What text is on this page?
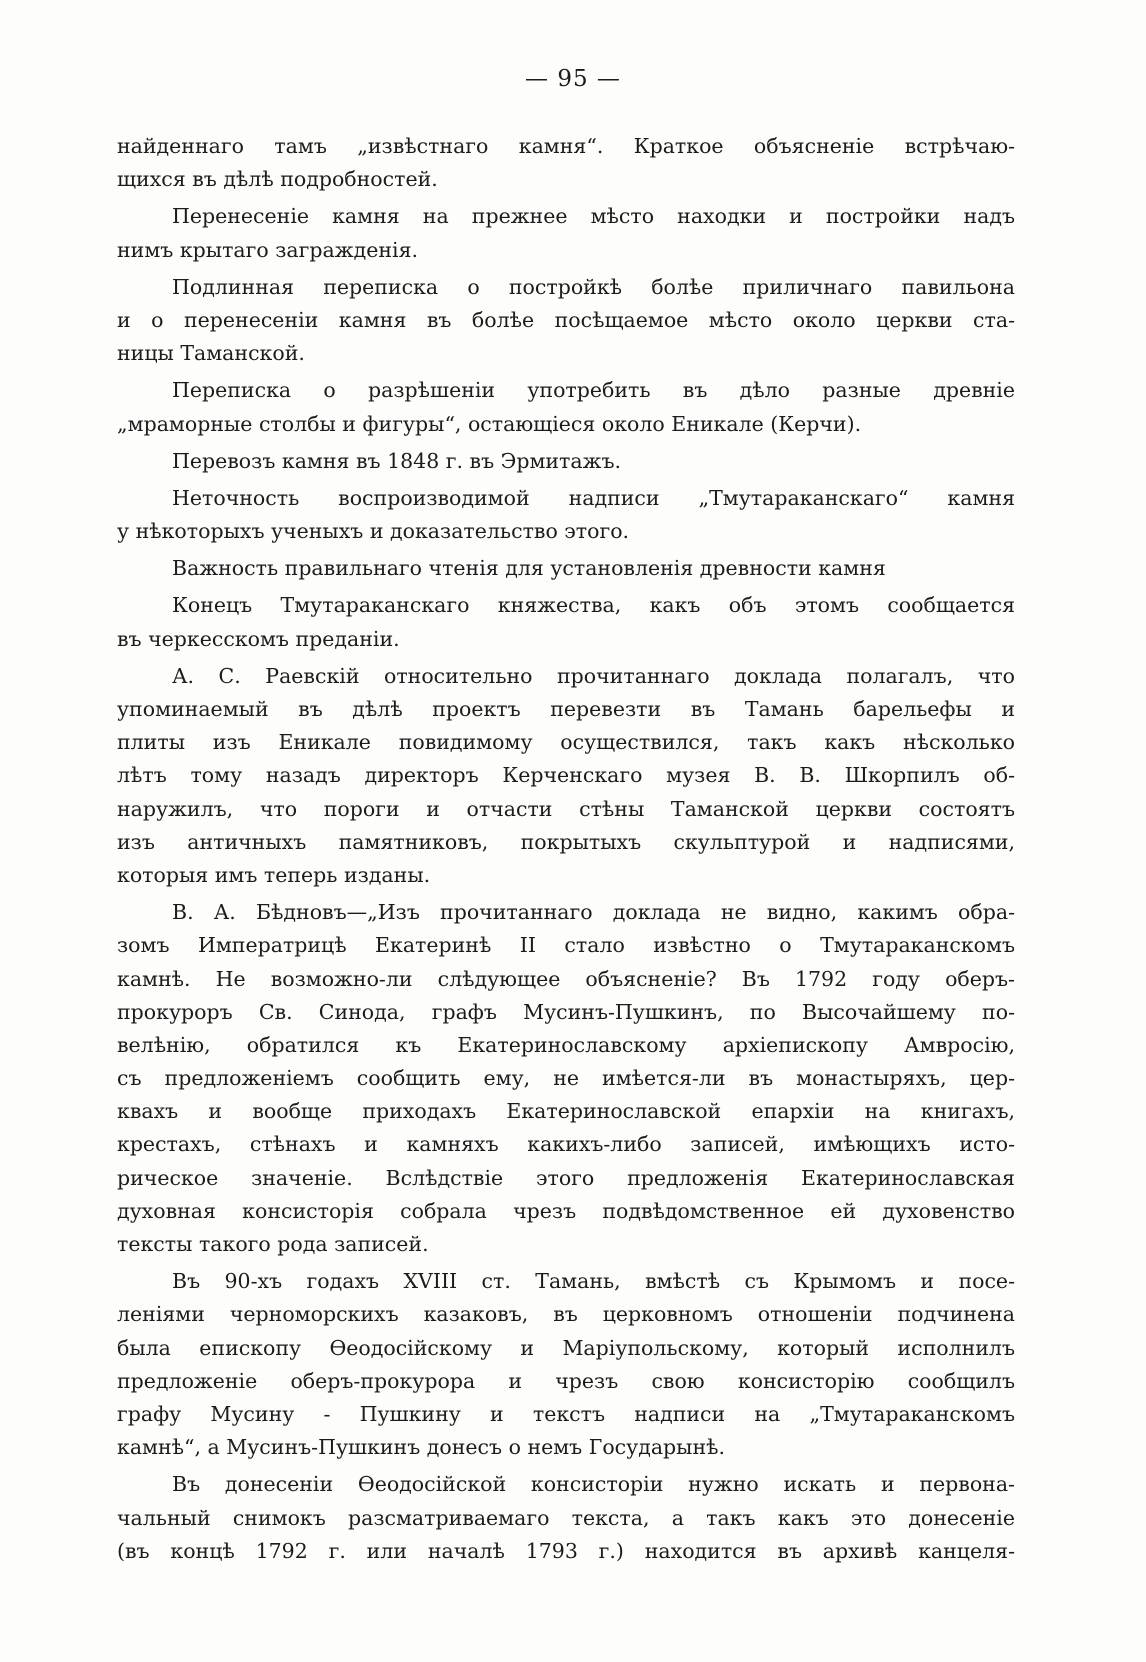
— 95 —
найденнаго тамъ „извѣстнаго камня“. Краткое объясненіе встрѣчаю-
щихся въ дѣлѣ подробностей.
Перенесеніе камня на прежнее мѣсто находки и постройки надъ
нимъ крытаго загражденія.
Подлинная переписка о постройкѣ болѣе приличнаго павильона
и о перенесеніи камня въ болѣе посѣщаемое мѣсто около церкви ста-
ницы Таманской.
Переписка о разрѣшеніи употребить въ дѣло разные древніе
„мраморные столбы и фигуры“, остающіеся около Еникале (Керчи).
Перевозъ камня въ 1848 г. въ Эрмитажъ.
Неточность воспроизводимой надписи „Тмутараканскаго“ камня
у нѣкоторыхъ ученыхъ и доказательство этого.
Важность правильнаго чтенія для установленія древности камня
Конецъ Тмутараканскаго княжества, какъ объ этомъ сообщается
въ черкесскомъ преданіи.
А. С. Раевскій относительно прочитаннаго доклада полагалъ, что
упоминаемый въ дѣлѣ проектъ перевезти въ Тамань барельефы и
плиты изъ Еникале повидимому осуществился, такъ какъ нѣсколько
лѣтъ тому назадъ директоръ Керченскаго музея В. В. Шкорпилъ об-
наружилъ, что пороги и отчасти стѣны Таманской церкви состоятъ
изъ античныхъ памятниковъ, покрытыхъ скульптурой и надписями,
которыя имъ теперь изданы.
В. А. Бѣдновъ—„Изъ прочитаннаго доклада не видно, какимъ обра-
зомъ Императрицѣ Екатеринѣ II стало извѣстно о Тмутараканскомъ
камнѣ. Не возможно-ли слѣдующее объясненіе? Въ 1792 году оберъ-
прокуроръ Св. Синода, графъ Мусинъ-Пушкинъ, по Высочайшему по-
велѣнію, обратился къ Екатеринославскому архіепископу Амвросію,
съ предложеніемъ сообщить ему, не имѣется-ли въ монастыряхъ, цер-
квахъ и вообще приходахъ Екатеринославской епархіи на книгахъ,
крестахъ, стѣнахъ и камняхъ какихъ-либо записей, имѣющихъ исто-
рическое значеніе. Вслѣдствіе этого предложенія Екатеринославская
духовная консисторія собрала чрезъ подвѣдомственное ей духовенство
тексты такого рода записей.
Въ 90-хъ годахъ XVIII ст. Тамань, вмѣстѣ съ Крымомъ и посе-
леніями черноморскихъ казаковъ, въ церковномъ отношеніи подчинена
была епископу Ѳеодосійскому и Маріупольскому, который исполнилъ
предложеніе оберъ-прокурора и чрезъ свою консисторію сообщилъ
графу Мусину - Пушкину и текстъ надписи на „Тмутараканскомъ
камнѣ“, а Мусинъ-Пушкинъ донесъ о немъ Государынѣ.
Въ донесеніи Ѳеодосійской консисторіи нужно искать и первона-
чальный снимокъ разсматриваемаго текста, а такъ какъ это донесеніе
(въ концѣ 1792 г. или началѣ 1793 г.) находится въ архивѣ канцеля-
